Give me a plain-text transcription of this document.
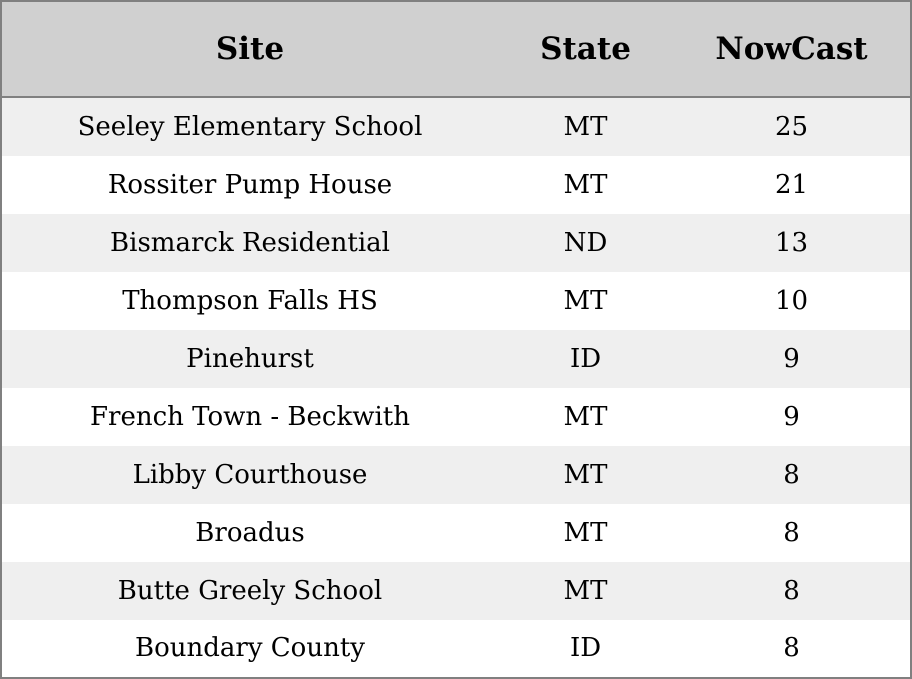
Site	State	NowCast
Seeley Elementary School	MT	25
Rossiter Pump House	MT	21
Bismarck Residential	ND	13
Thompson Falls HS	MT	10
Pinehurst	ID	9
French Town - Beckwith	MT	9
Libby Courthouse	MT	8
Broadus	MT	8
Butte Greely School	MT	8
Boundary County	ID	8
